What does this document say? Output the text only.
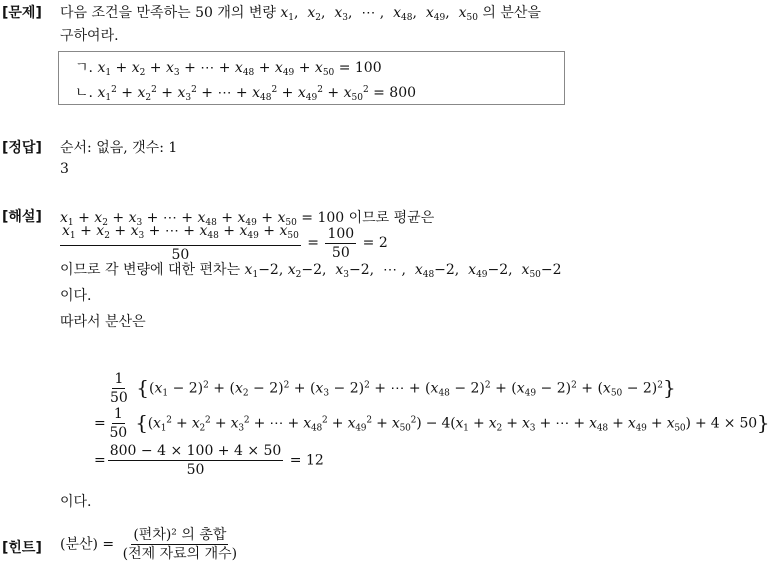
[문제] 다음 조건을 만족하는 50 개의 변량 $x_1$,  $x_2$,  $x_3$,  ⋯ ,  $x_{48}$,  $x_{49}$,  $x_{50}$ 의 분산을
구하여라.
ㄱ. $x_1 + x_2 + x_3$ + ⋯ + $x_{48} + x_{49} + x_{50} = 100$
ㄴ. $x_1^2 + x_2^2 + x_3^2$ + ⋯ + $x_{48}^2 + x_{49}^2 + x_{50}^2 = 800$
[정답] 순서: 없음, 갯수: 1
3
[해설] $x_1 + x_2 + x_3$ + ⋯ + $x_{48} + x_{49} + x_{50} = 100$ 이므로 평균은
$\frac{x_1 + x_2 + x_3 + \cdots + x_{48} + x_{49} + x_{50}}{50} = \frac{100}{50} = 2$
이므로 각 변량에 대한 편차는 $x_1-2$, $x_2-2$,  $x_3-2$,  ⋯ ,  $x_{48}-2$,  $x_{49}-2$,  $x_{50}-2$
이다.
따라서 분산은
$\frac{1}{50} \{(x_1 - 2)^2 + (x_2 - 2)^2 + (x_3 - 2)^2$ + ⋯ + $(x_{48} - 2)^2 + (x_{49} - 2)^2 + (x_{50} - 2)^2$}
= $\frac{1}{50} \{(x_1^2 + x_2^2 + x_3^2$ + ⋯ + $x_{48}^2 + x_{49}^2 + x_{50}^2) - 4(x_1 + x_2 + x_3$ + ⋯ + $x_{48} + x_{49} + x_{50}) + 4 \times 50$}
= $\frac{800 - 4 \times 100 + 4 \times 50}{50} = 12$
이다.
[힌트] (분산) = $\frac{\text{(편차)² 의 총합}}{\text{(전제 자료의 개수)}}$
